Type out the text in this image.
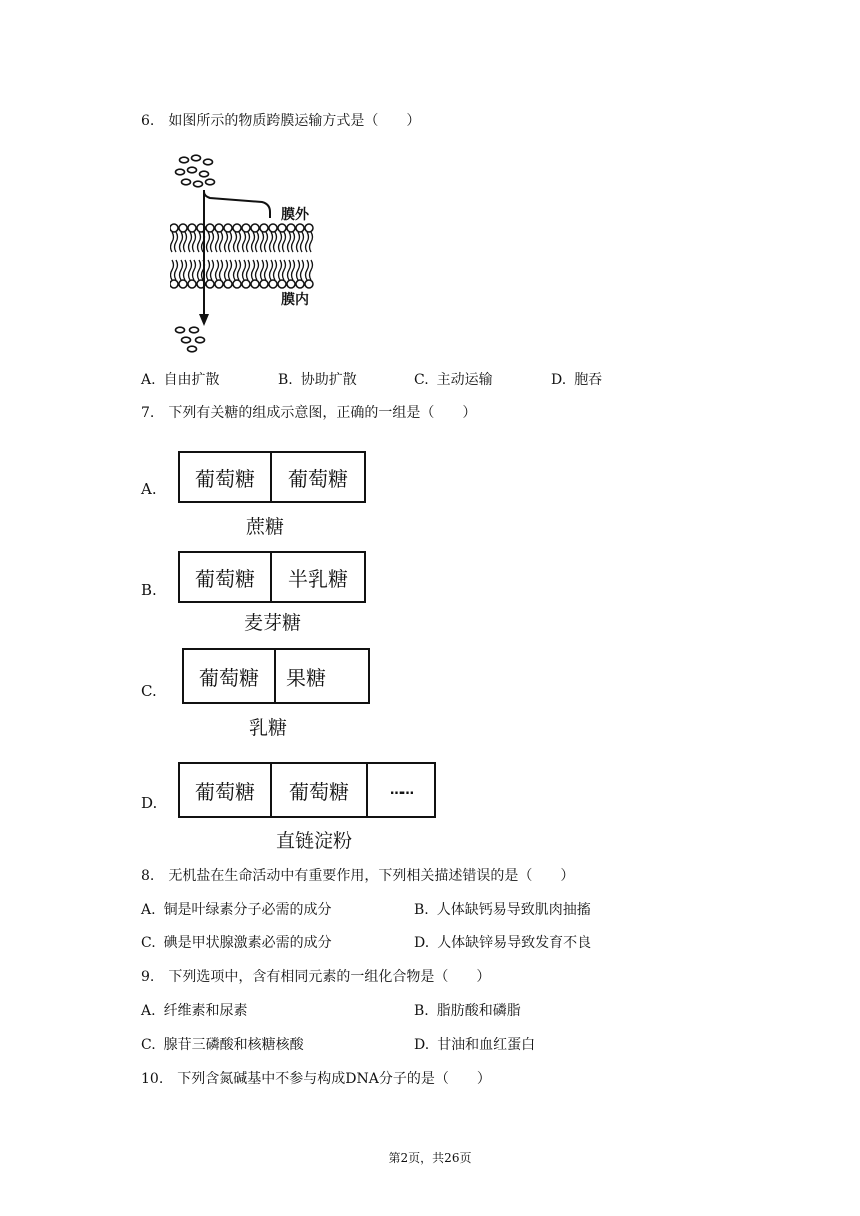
6. 如图所示的物质跨膜运输方式是（　　）
膜外
膜内
A. 自由扩散	B. 协助扩散	C. 主动运输	D. 胞吞
7. 下列有关糖的组成示意图，正确的一组是（　　）
A.	葡萄糖	葡萄糖
蔗糖
B.	葡萄糖	半乳糖
麦芽糖
C.
葡萄糖	果糖
乳糖
D.	葡萄糖	葡萄糖	……
直链淀粉
8. 无机盐在生命活动中有重要作用，下列相关描述错误的是（　　）
A. 铜是叶绿素分子必需的成分	B. 人体缺钙易导致肌肉抽搐
C. 碘是甲状腺激素必需的成分	D. 人体缺锌易导致发育不良
9. 下列选项中，含有相同元素的一组化合物是（　　）
A. 纤维素和尿素	B. 脂肪酸和磷脂
C. 腺苷三磷酸和核糖核酸	D. 甘油和血红蛋白
10. 下列含氮碱基中不参与构成DNA分子的是（　　）
第2页，共26页
